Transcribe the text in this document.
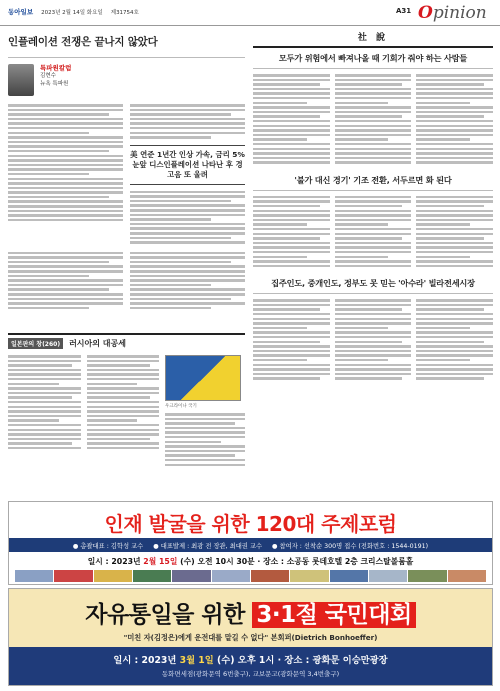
동아일보 2023년 2월 14일 화요일 제31754호	A31 Opinion
인플레이션 전쟁은 끝나지 않았다
특파원칼럼
김현수
뉴욕 특파원
美 연준 1년간 인상 가속, 금리 5% 눈앞 디스인플레이션 나타난 후 경고음 또 울려
일본판의 창(260)	러시아의 대공세
우크라이나 국기
社 說
모두가 위험에서 빠져나올 때 기회가 줘야 하는 사람들
'불가 대신 경기' 기조 전환, 서두르면 화 된다
집주인도, 중개인도, 정부도 못 믿는 '아수라' 빌라전세시장
인재 발굴을 위한 120대 주제포럼
● 총괄대표 : 김학성 교수 ● 대표발제 : 최광 전 장관, 최대권 교수 ● 참여자 : 선착순 300명 접수 (전화번호 : 1544-0191)
일시 : 2023년 2월 15일 (수) 오전 10시 30분 · 장소 : 소공동 롯데호텔 2층 크리스탈볼룸홀
자유통일을 위한 3·1절 국민대회
"미친 자(김정은)에게 운전대를 맡길 수 없다" 본회퍼(Dietrich Bonhoeffer)
일시 : 2023년 3월 1일 (수) 오후 1시 · 장소 : 광화문 이승만광장
동화면세점(광화문역 6번출구), 교보문고(광화문역 3,4번출구)
